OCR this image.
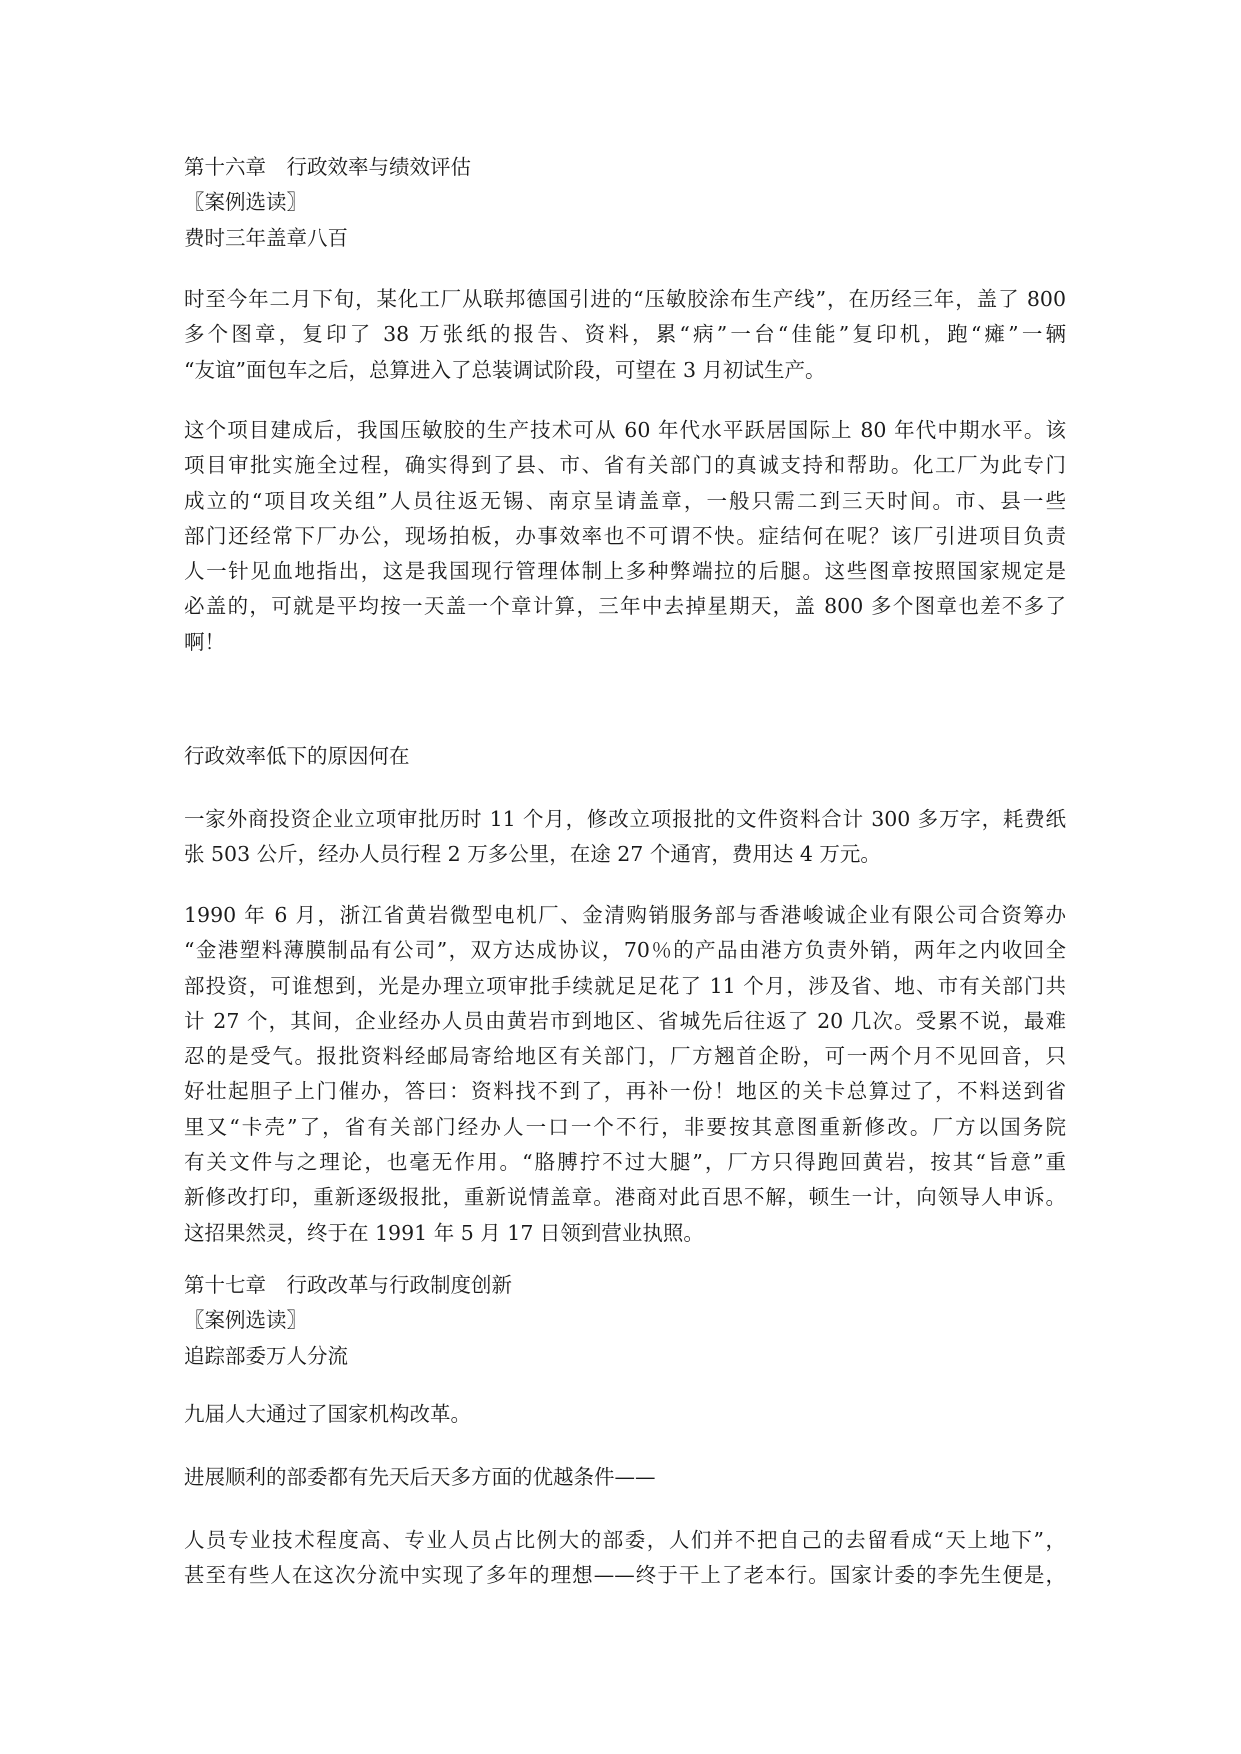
第十六章　行政效率与绩效评估
〖案例选读〗
费时三年盖章八百
时至今年二月下旬，某化工厂从联邦德国引进的“压敏胶涂布生产线”，在历经三年，盖了 800
多个图章，复印了 38 万张纸的报告、资料，累“病”一台“佳能”复印机，跑“瘫”一辆
“友谊”面包车之后，总算进入了总装调试阶段，可望在 3 月初试生产。
这个项目建成后，我国压敏胶的生产技术可从 60 年代水平跃居国际上 80 年代中期水平。该
项目审批实施全过程，确实得到了县、市、省有关部门的真诚支持和帮助。化工厂为此专门
成立的“项目攻关组”人员往返无锡、南京呈请盖章，一般只需二到三天时间。市、县一些
部门还经常下厂办公，现场拍板，办事效率也不可谓不快。症结何在呢？该厂引进项目负责
人一针见血地指出，这是我国现行管理体制上多种弊端拉的后腿。这些图章按照国家规定是
必盖的，可就是平均按一天盖一个章计算，三年中去掉星期天，盖 800 多个图章也差不多了
啊！
行政效率低下的原因何在
一家外商投资企业立项审批历时 11 个月，修改立项报批的文件资料合计 300 多万字，耗费纸
张 503 公斤，经办人员行程 2 万多公里，在途 27 个通宵，费用达 4 万元。
1990 年 6 月，浙江省黄岩微型电机厂、金清购销服务部与香港峻诚企业有限公司合资筹办
“金港塑料薄膜制品有公司”，双方达成协议，70％的产品由港方负责外销，两年之内收回全
部投资，可谁想到，光是办理立项审批手续就足足花了 11 个月，涉及省、地、市有关部门共
计 27 个，其间，企业经办人员由黄岩市到地区、省城先后往返了 20 几次。受累不说，最难
忍的是受气。报批资料经邮局寄给地区有关部门，厂方翘首企盼，可一两个月不见回音，只
好壮起胆子上门催办，答曰：资料找不到了，再补一份！地区的关卡总算过了，不料送到省
里又“卡壳”了，省有关部门经办人一口一个不行，非要按其意图重新修改。厂方以国务院
有关文件与之理论，也毫无作用。“胳膊拧不过大腿”，厂方只得跑回黄岩，按其“旨意”重
新修改打印，重新逐级报批，重新说情盖章。港商对此百思不解，顿生一计，向领导人申诉。
这招果然灵，终于在 1991 年 5 月 17 日领到营业执照。
第十七章　行政改革与行政制度创新
〖案例选读〗
追踪部委万人分流
九届人大通过了国家机构改革。
进展顺利的部委都有先天后天多方面的优越条件——
人员专业技术程度高、专业人员占比例大的部委，人们并不把自己的去留看成“天上地下”，
甚至有些人在这次分流中实现了多年的理想——终于干上了老本行。国家计委的李先生便是，
